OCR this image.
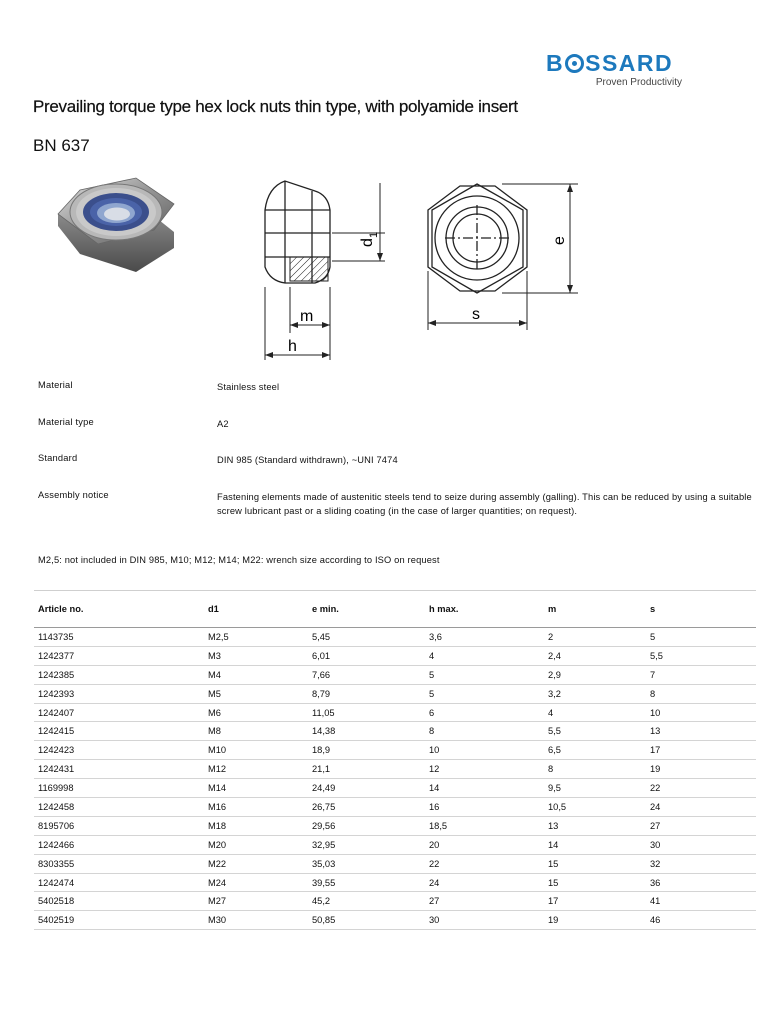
B SSARD
Proven Productivity
Prevailing torque type hex lock nuts thin type, with polyamide insert
BN 637
m
h
d
1
s
e
Material	Stainless steel
Material type	A2
Standard	DIN 985 (Standard withdrawn), ~UNI 7474
Assembly notice	Fastening elements made of austenitic steels tend to seize during assembly (galling). This can be reduced by using a suitable screw lubricant past or a sliding coating (in the case of larger quantities; on request).
M2,5: not included in DIN 985, M10; M12; M14; M22: wrench size according to ISO on request
Article no.	d1	e min.	h max.	m	s
1143735	M2,5	5,45	3,6	2	5
1242377	M3	6,01	4	2,4	5,5
1242385	M4	7,66	5	2,9	7
1242393	M5	8,79	5	3,2	8
1242407	M6	11,05	6	4	10
1242415	M8	14,38	8	5,5	13
1242423	M10	18,9	10	6,5	17
1242431	M12	21,1	12	8	19
1169998	M14	24,49	14	9,5	22
1242458	M16	26,75	16	10,5	24
8195706	M18	29,56	18,5	13	27
1242466	M20	32,95	20	14	30
8303355	M22	35,03	22	15	32
1242474	M24	39,55	24	15	36
5402518	M27	45,2	27	17	41
5402519	M30	50,85	30	19	46
